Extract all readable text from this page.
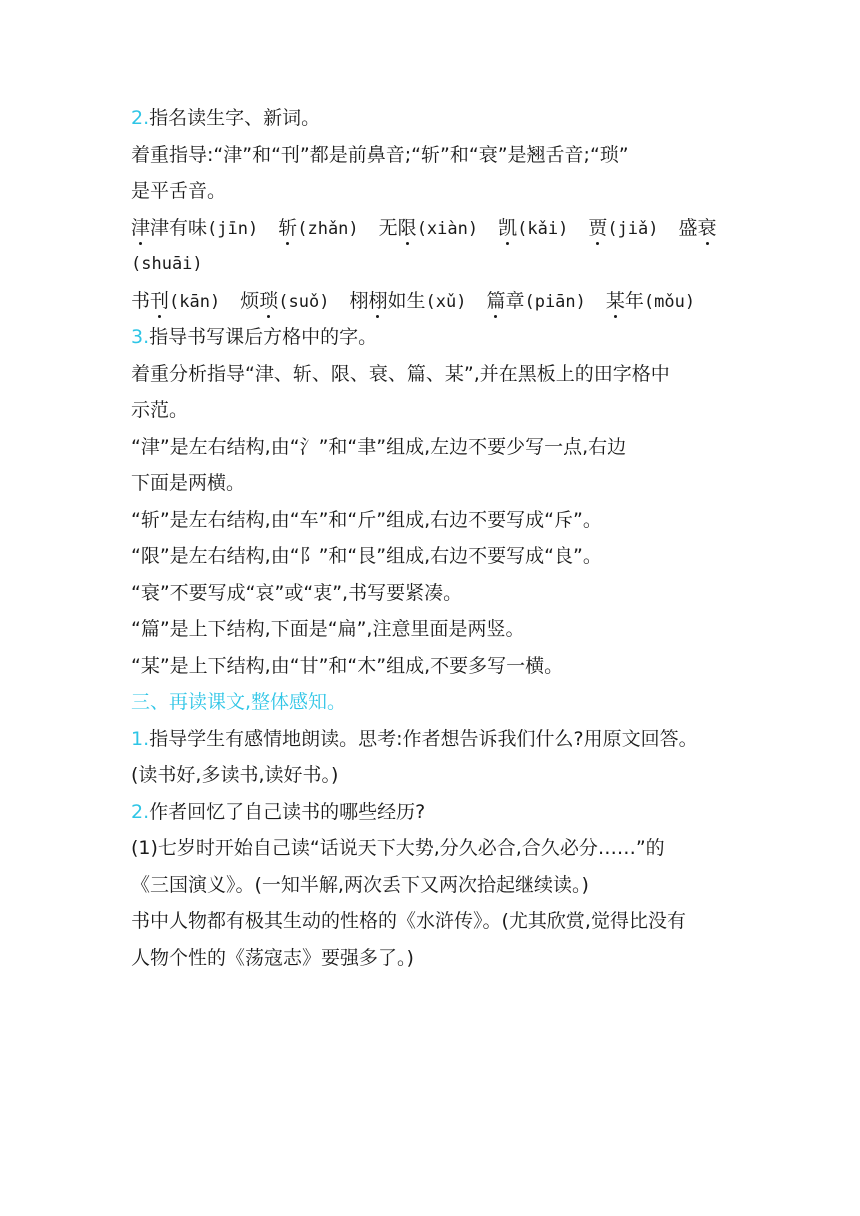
2.指名读生字、新词。
着重指导:“津”和“刊”都是前鼻音;“斩”和“衰”是翘舌音;“琐”
是平舌音。
津津有味(jīn) 斩(zhǎn) 无限(xiàn) 凯(kǎi) 贾(jiǎ) 盛衰
(shuāi)
书刊(kān) 烦琐(suǒ) 栩栩如生(xǔ) 篇章(piān) 某年(mǒu)
3.指导书写课后方格中的字。
着重分析指导“津、斩、限、衰、篇、某”,并在黑板上的田字格中
示范。
“津”是左右结构,由“氵”和“聿”组成,左边不要少写一点,右边
下面是两横。
“斩”是左右结构,由“车”和“斤”组成,右边不要写成“斥”。
“限”是左右结构,由“阝”和“艮”组成,右边不要写成“良”。
“衰”不要写成“哀”或“衷”,书写要紧凑。
“篇”是上下结构,下面是“扁”,注意里面是两竖。
“某”是上下结构,由“甘”和“木”组成,不要多写一横。
三、再读课文,整体感知。
1.指导学生有感情地朗读。思考:作者想告诉我们什么?用原文回答。
(读书好,多读书,读好书。)
2.作者回忆了自己读书的哪些经历?
(1)七岁时开始自己读“话说天下大势,分久必合,合久必分……”的
《三国演义》。(一知半解,两次丢下又两次拾起继续读。)
书中人物都有极其生动的性格的《水浒传》。(尤其欣赏,觉得比没有
人物个性的《荡寇志》要强多了。)
